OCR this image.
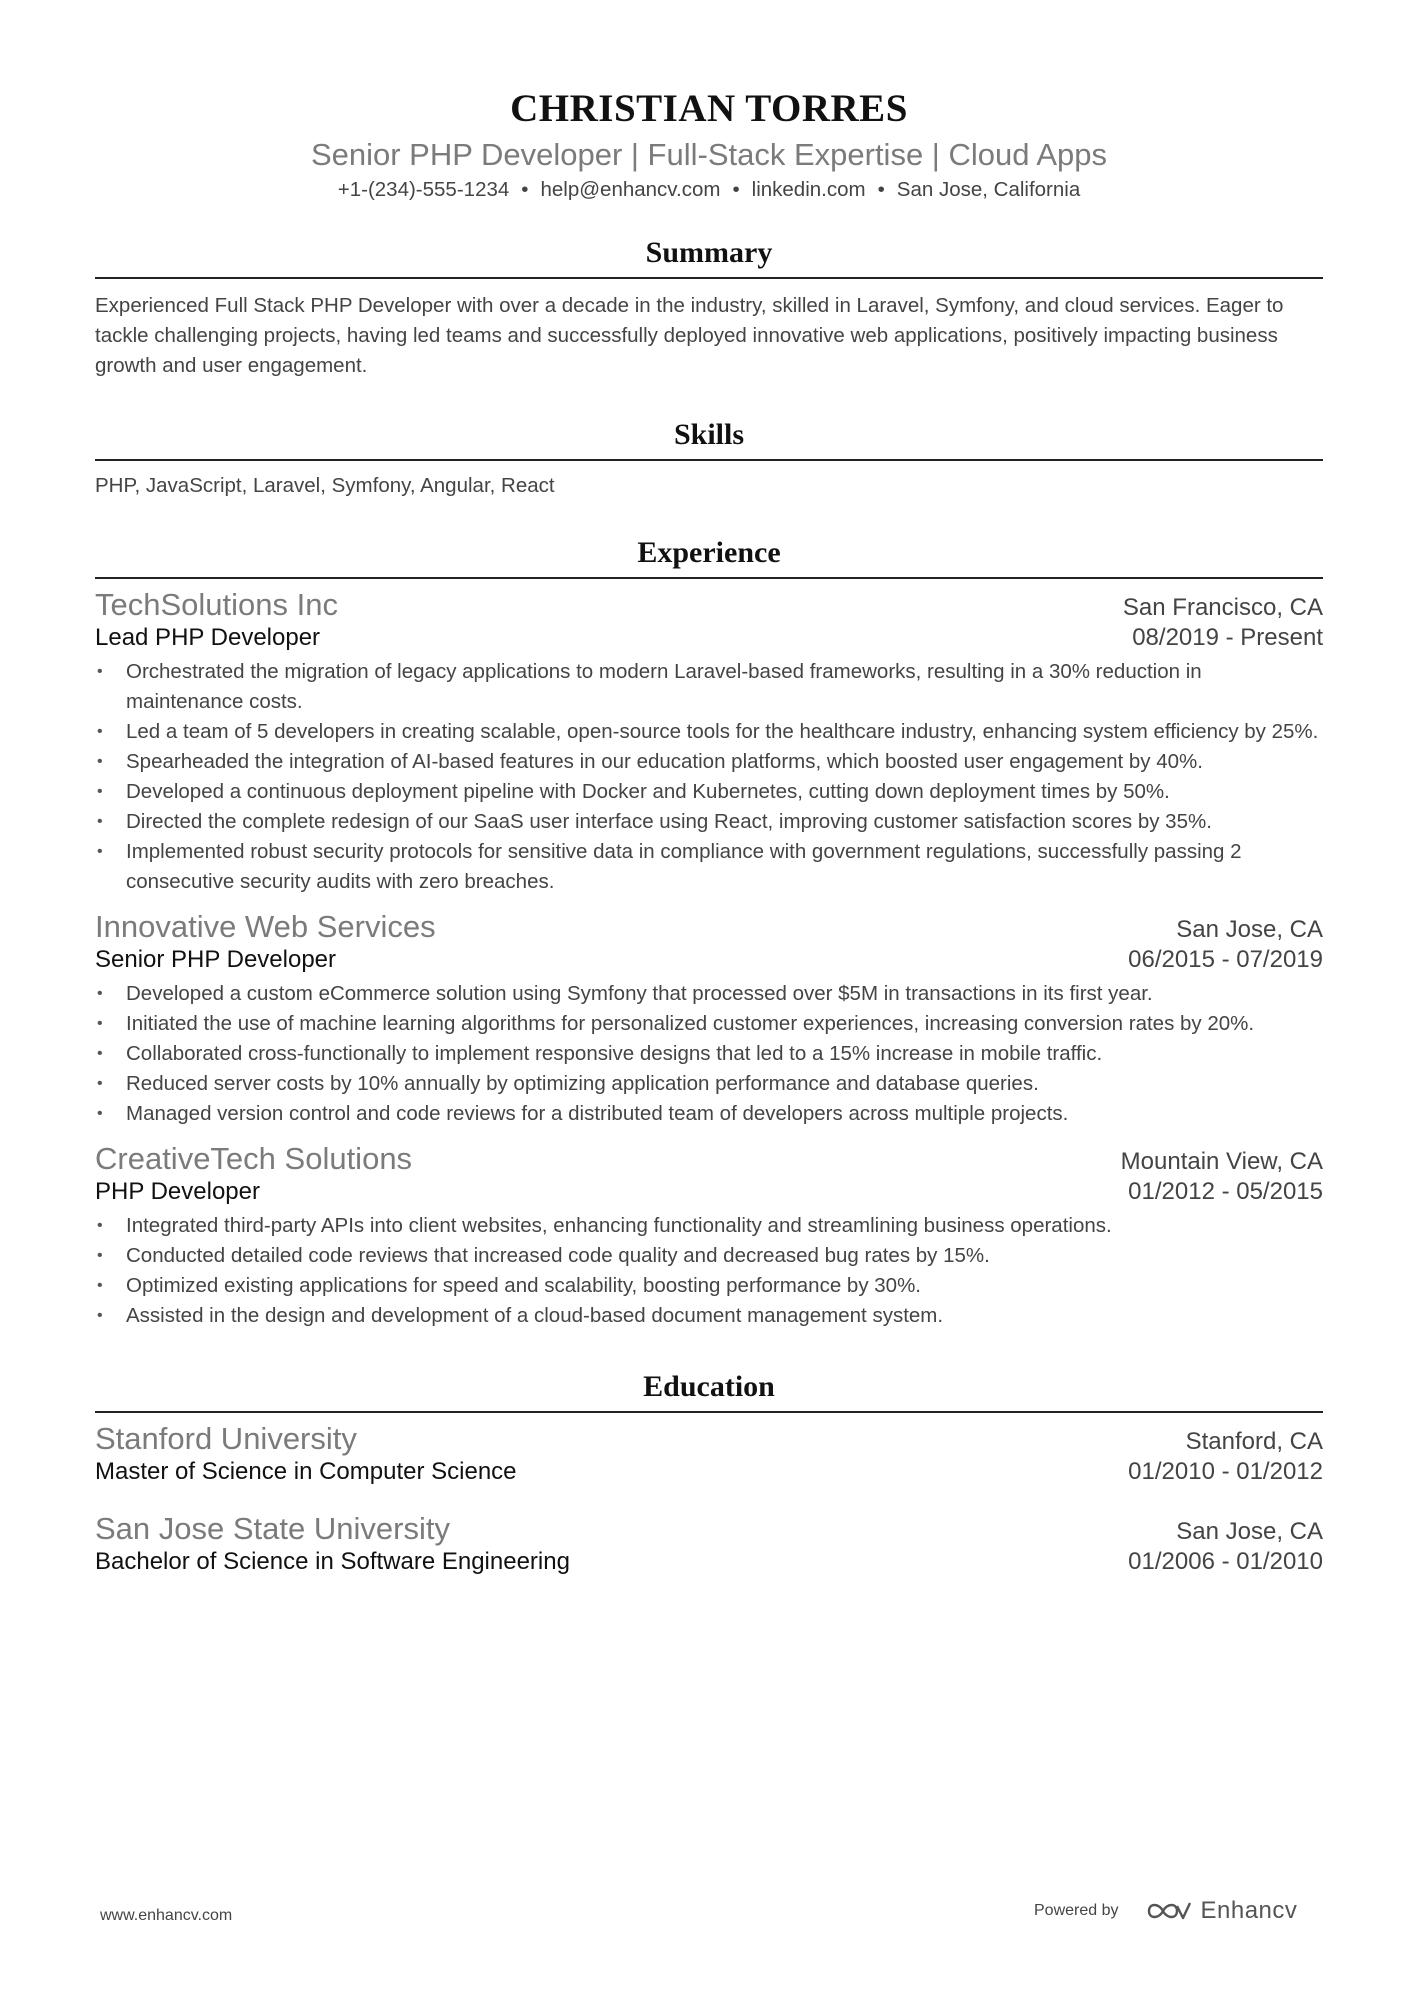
CHRISTIAN TORRES
Senior PHP Developer | Full-Stack Expertise | Cloud Apps
+1-(234)-555-1234 • help@enhancv.com • linkedin.com • San Jose, California
Summary
Experienced Full Stack PHP Developer with over a decade in the industry, skilled in Laravel, Symfony, and cloud services. Eager to tackle challenging projects, having led teams and successfully deployed innovative web applications, positively impacting business growth and user engagement.
Skills
PHP, JavaScript, Laravel, Symfony, Angular, React
Experience
TechSolutions Inc	San Francisco, CA
Lead PHP Developer	08/2019 - Present
• Orchestrated the migration of legacy applications to modern Laravel-based frameworks, resulting in a 30% reduction in maintenance costs.
• Led a team of 5 developers in creating scalable, open-source tools for the healthcare industry, enhancing system efficiency by 25%.
• Spearheaded the integration of AI-based features in our education platforms, which boosted user engagement by 40%.
• Developed a continuous deployment pipeline with Docker and Kubernetes, cutting down deployment times by 50%.
• Directed the complete redesign of our SaaS user interface using React, improving customer satisfaction scores by 35%.
• Implemented robust security protocols for sensitive data in compliance with government regulations, successfully passing 2 consecutive security audits with zero breaches.
Innovative Web Services	San Jose, CA
Senior PHP Developer	06/2015 - 07/2019
• Developed a custom eCommerce solution using Symfony that processed over $5M in transactions in its first year.
• Initiated the use of machine learning algorithms for personalized customer experiences, increasing conversion rates by 20%.
• Collaborated cross-functionally to implement responsive designs that led to a 15% increase in mobile traffic.
• Reduced server costs by 10% annually by optimizing application performance and database queries.
• Managed version control and code reviews for a distributed team of developers across multiple projects.
CreativeTech Solutions	Mountain View, CA
PHP Developer	01/2012 - 05/2015
• Integrated third-party APIs into client websites, enhancing functionality and streamlining business operations.
• Conducted detailed code reviews that increased code quality and decreased bug rates by 15%.
• Optimized existing applications for speed and scalability, boosting performance by 30%.
• Assisted in the design and development of a cloud-based document management system.
Education
Stanford University	Stanford, CA
Master of Science in Computer Science	01/2010 - 01/2012
San Jose State University	San Jose, CA
Bachelor of Science in Software Engineering	01/2006 - 01/2010
www.enhancv.com	Powered by	Enhancv
